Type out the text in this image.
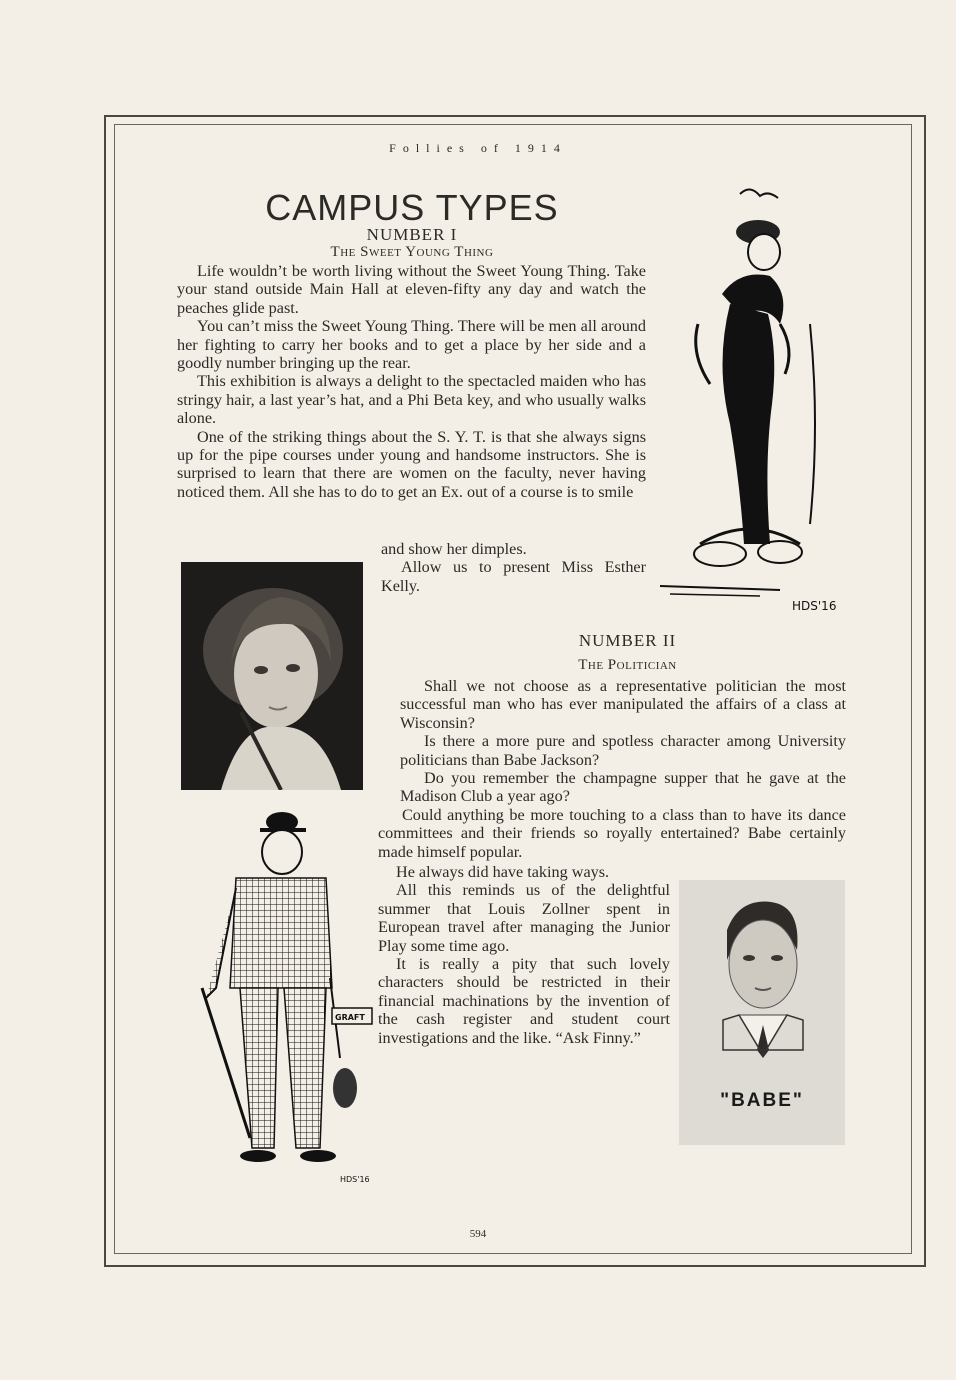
Follies of 1914
CAMPUS TYPES
NUMBER I
The Sweet Young Thing

Life wouldn’t be worth living without the Sweet Young Thing. Take your stand outside Main Hall at eleven-fifty any day and watch the peaches glide past.

You can’t miss the Sweet Young Thing. There will be men all around her fighting to carry her books and to get a place by her side and a goodly number bringing up the rear.

This exhibition is always a delight to the spectacled maiden who has stringy hair, a last year’s hat, and a Phi Beta key, and who usually walks alone.

One of the striking things about the S. Y. T. is that she always signs up for the pipe courses under young and handsome instructors. She is surprised to learn that there are women on the faculty, never having noticed them. All she has to do to get an Ex. out of a course is to smile

and show her dimples.

Allow us to present Miss Esther Kelly.

HDS'16
NUMBER II
The Politician

Shall we not choose as a representative politician the most successful man who has ever manipulated the affairs of a class at Wisconsin?

Is there a more pure and spotless character among University politicians than Babe Jackson?

Do you remember the champagne supper that he gave at the Madison Club a year ago?

Could anything be more touching to a class than to have its dance committees and their friends so royally entertained? Babe certainly made himself popular.

He always did have taking ways.

All this reminds us of the delightful summer that Louis Zollner spent in European travel after managing the Junior Play some time ago.

It is really a pity that such lovely characters should be restricted in their financial machinations by the invention of the cash register and student court investigations and the like. “Ask Finny.”

GRAFT
HDS'16
"BABE"
594
